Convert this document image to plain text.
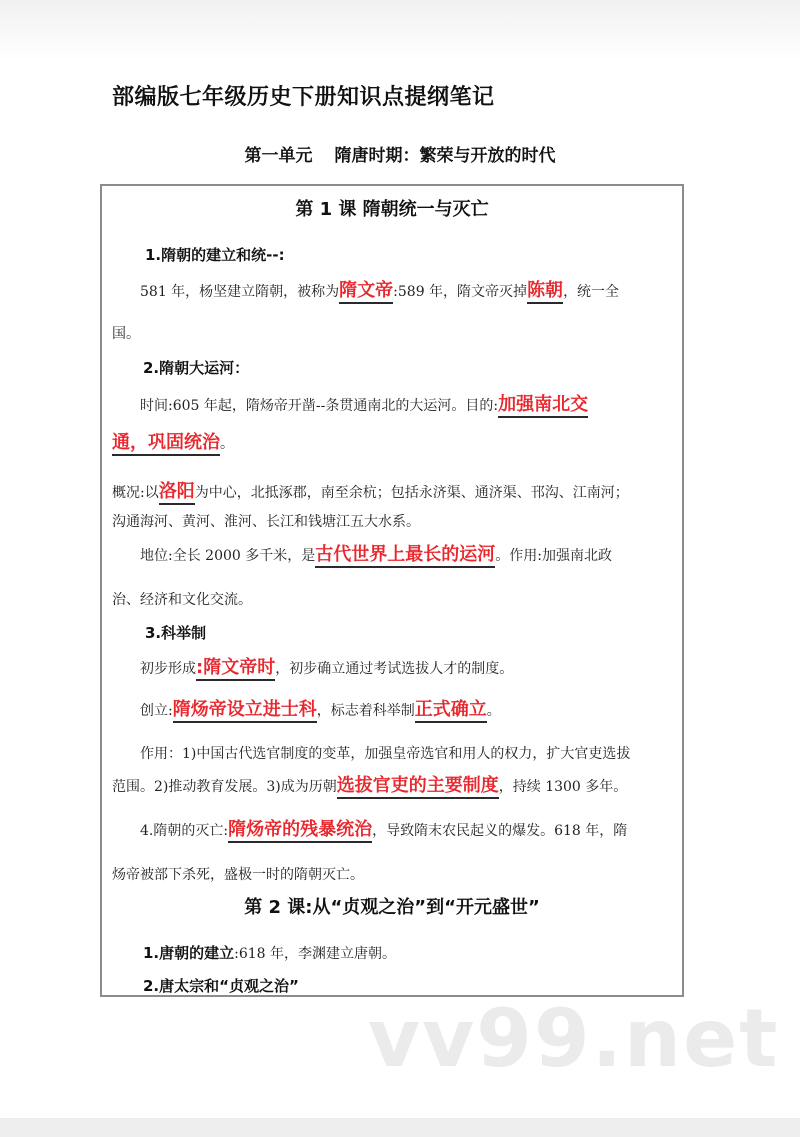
部编版七年级历史下册知识点提纲笔记
第一单元 隋唐时期：繁荣与开放的时代
第 1 课 隋朝统一与灭亡
1.隋朝的建立和统--:
581 年，杨坚建立隋朝，被称为隋文帝:589 年，隋文帝灭掉陈朝，统一全
国。
2.隋朝大运河：
时间:605 年起，隋炀帝开凿--条贯通南北的大运河。目的:加强南北交
通，巩固统治。
概况:以洛阳为中心，北抵涿郡，南至余杭；包括永济渠、通济渠、邗沟、江南河；
沟通海河、黄河、淮河、长江和钱塘江五大水系。
地位:全长 2000 多千米，是古代世界上最长的运河。作用:加强南北政
治、经济和文化交流。
3.科举制
初步形成:隋文帝时，初步确立通过考试选拔人才的制度。
创立:隋炀帝设立进士科，标志着科举制正式确立。
作用：1)中国古代选官制度的变革，加强皇帝选官和用人的权力，扩大官吏选拔
范围。2)推动教育发展。3)成为历朝选拔官吏的主要制度，持续 1300 多年。
4.隋朝的灭亡:隋炀帝的残暴统治，导致隋末农民起义的爆发。618 年，隋
炀帝被部下杀死，盛极一时的隋朝灭亡。
第 2 课:从“贞观之治”到“开元盛世”
1.唐朝的建立:618 年，李渊建立唐朝。
2.唐太宗和“贞观之治”
vv99.net
